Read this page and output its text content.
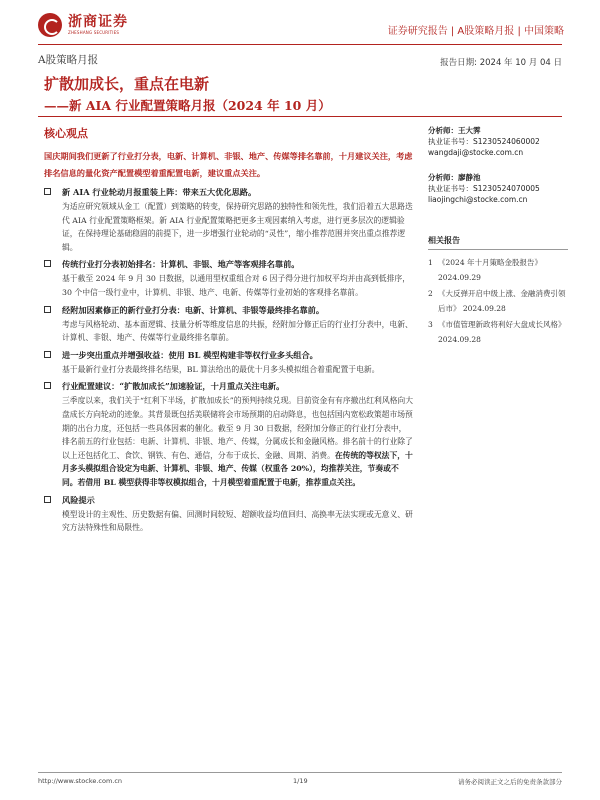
浙商证券
ZHESHANG SECURITIES	证券研究报告 | A股策略月报 | 中国策略
A股策略月报	报告日期: 2024 年 10 月 04 日
扩散加成长，重点在电新
——新 AIA 行业配置策略月报（2024 年 10 月）
核心观点
国庆期间我们更新了行业打分表，电新、计算机、非银、地产、传媒等排名靠前，十月建议关注，考虑排名信息的量化资产配置模型着重配置电新，建议重点关注。
新 AIA 行业轮动月报重装上阵：带来五大优化思路。
为适应研究领域从金工（配置）到策略的转变，保持研究思路的独特性和领先性，我们沿着五大思路迭代 AIA 行业配置策略框架。新 AIA 行业配置策略把更多主观因素纳入考虑，进行更多层次的逻辑验证，在保持理论基础稳固的前提下，进一步增强行业轮动的“灵性”，缩小推荐范围并突出重点推荐逻辑。
传统行业打分表初始排名：计算机、非银、地产等客观排名靠前。
基于截至 2024 年 9 月 30 日数据，以通用型权重组合对 6 因子得分进行加权平均并由高到低排序，30 个中信一级行业中，计算机、非银、地产、电新、传媒等行业初始的客观排名靠前。
经附加因素修正的新行业打分表：电新、计算机、非银等最终排名靠前。
考虑与风格轮动、基本面逻辑、技量分析等维度信息的共振，经附加分修正后的行业打分表中，电新、计算机、非银、地产、传媒等行业最终排名靠前。
进一步突出重点并增强收益：使用 BL 模型构建非等权行业多头组合。
基于最新行业打分表最终排名结果，BL 算法给出的最优十月多头模拟组合着重配置于电新。
行业配置建议：“扩散加成长”加速验证，十月重点关注电新。
三季度以来，我们关于“红利下半场，扩散加成长”的预判持续兑现。目前资金有有序撤出红利风格向大盘成长方向轮动的迹象。其背景既包括美联储将会市场预期的启动降息，也包括国内宽松政策超市场预期的出台力度，还包括一些具体因素的催化。截至 9 月 30 日数据，经附加分修正的行业打分表中，排名前五的行业包括：电新、计算机、非银、地产、传媒，分属成长和金融风格。排名前十的行业除了以上还包括化工、食饮、钢铁、有色、通信，分布于成长、金融、周期、消费。在传统的等权法下，十月多头模拟组合设定为电新、计算机、非银、地产、传媒（权重各 20%），均推荐关注，节奏或不同。若借用 BL 模型获得非等权模拟组合，十月模型着重配置于电新，推荐重点关注。
风险提示
模型设计的主观性、历史数据有偏、回测时间较短、超额收益均值回归、高换率无法实现或无意义、研究方法特殊性和局限性。
分析师：王大霁
执业证书号：S1230524060002
wangdaji@stocke.com.cn
分析师：廖静池
执业证书号：S1230524070005
liaojingchi@stocke.com.cn
相关报告
1 《2024 年十月策略金股报告》 2024.09.29
2 《大反弹开启中级上涨、金融消费引领后市》 2024.09.28
3 《市值管理新政将利好大盘成长风格》 2024.09.28
http://www.stocke.com.cn	1/19	请务必阅读正文之后的免责条款部分
